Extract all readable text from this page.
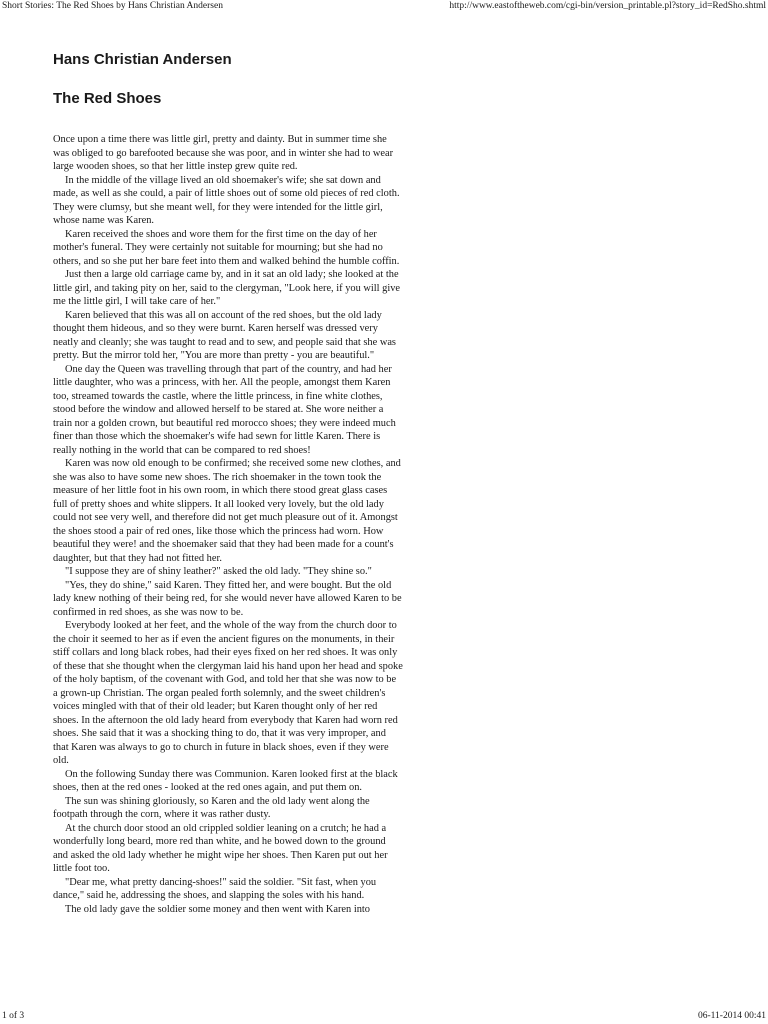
Short Stories: The Red Shoes by Hans Christian Andersen	http://www.eastoftheweb.com/cgi-bin/version_printable.pl?story_id=RedSho.shtml
Hans Christian Andersen
The Red Shoes

Once upon a time there was little girl, pretty and dainty. But in summer time she was obliged to go barefooted because she was poor, and in winter she had to wear large wooden shoes, so that her little instep grew quite red.

In the middle of the village lived an old shoemaker's wife; she sat down and made, as well as she could, a pair of little shoes out of some old pieces of red cloth. They were clumsy, but she meant well, for they were intended for the little girl, whose name was Karen.

Karen received the shoes and wore them for the first time on the day of her mother's funeral. They were certainly not suitable for mourning; but she had no others, and so she put her bare feet into them and walked behind the humble coffin.

Just then a large old carriage came by, and in it sat an old lady; she looked at the little girl, and taking pity on her, said to the clergyman, "Look here, if you will give me the little girl, I will take care of her."

Karen believed that this was all on account of the red shoes, but the old lady thought them hideous, and so they were burnt. Karen herself was dressed very neatly and cleanly; she was taught to read and to sew, and people said that she was pretty. But the mirror told her, "You are more than pretty - you are beautiful."

One day the Queen was travelling through that part of the country, and had her little daughter, who was a princess, with her. All the people, amongst them Karen too, streamed towards the castle, where the little princess, in fine white clothes, stood before the window and allowed herself to be stared at. She wore neither a train nor a golden crown, but beautiful red morocco shoes; they were indeed much finer than those which the shoemaker's wife had sewn for little Karen. There is really nothing in the world that can be compared to red shoes!

Karen was now old enough to be confirmed; she received some new clothes, and she was also to have some new shoes. The rich shoemaker in the town took the measure of her little foot in his own room, in which there stood great glass cases full of pretty shoes and white slippers. It all looked very lovely, but the old lady could not see very well, and therefore did not get much pleasure out of it. Amongst the shoes stood a pair of red ones, like those which the princess had worn. How beautiful they were! and the shoemaker said that they had been made for a count's daughter, but that they had not fitted her.

"I suppose they are of shiny leather?" asked the old lady. "They shine so."

"Yes, they do shine," said Karen. They fitted her, and were bought. But the old lady knew nothing of their being red, for she would never have allowed Karen to be confirmed in red shoes, as she was now to be.

Everybody looked at her feet, and the whole of the way from the church door to the choir it seemed to her as if even the ancient figures on the monuments, in their stiff collars and long black robes, had their eyes fixed on her red shoes. It was only of these that she thought when the clergyman laid his hand upon her head and spoke of the holy baptism, of the covenant with God, and told her that she was now to be a grown-up Christian. The organ pealed forth solemnly, and the sweet children's voices mingled with that of their old leader; but Karen thought only of her red shoes. In the afternoon the old lady heard from everybody that Karen had worn red shoes. She said that it was a shocking thing to do, that it was very improper, and that Karen was always to go to church in future in black shoes, even if they were old.

On the following Sunday there was Communion. Karen looked first at the black shoes, then at the red ones - looked at the red ones again, and put them on.

The sun was shining gloriously, so Karen and the old lady went along the footpath through the corn, where it was rather dusty.

At the church door stood an old crippled soldier leaning on a crutch; he had a wonderfully long beard, more red than white, and he bowed down to the ground and asked the old lady whether he might wipe her shoes. Then Karen put out her little foot too.

"Dear me, what pretty dancing-shoes!" said the soldier. "Sit fast, when you dance," said he, addressing the shoes, and slapping the soles with his hand.

The old lady gave the soldier some money and then went with Karen into

1 of 3	06-11-2014 00:41
